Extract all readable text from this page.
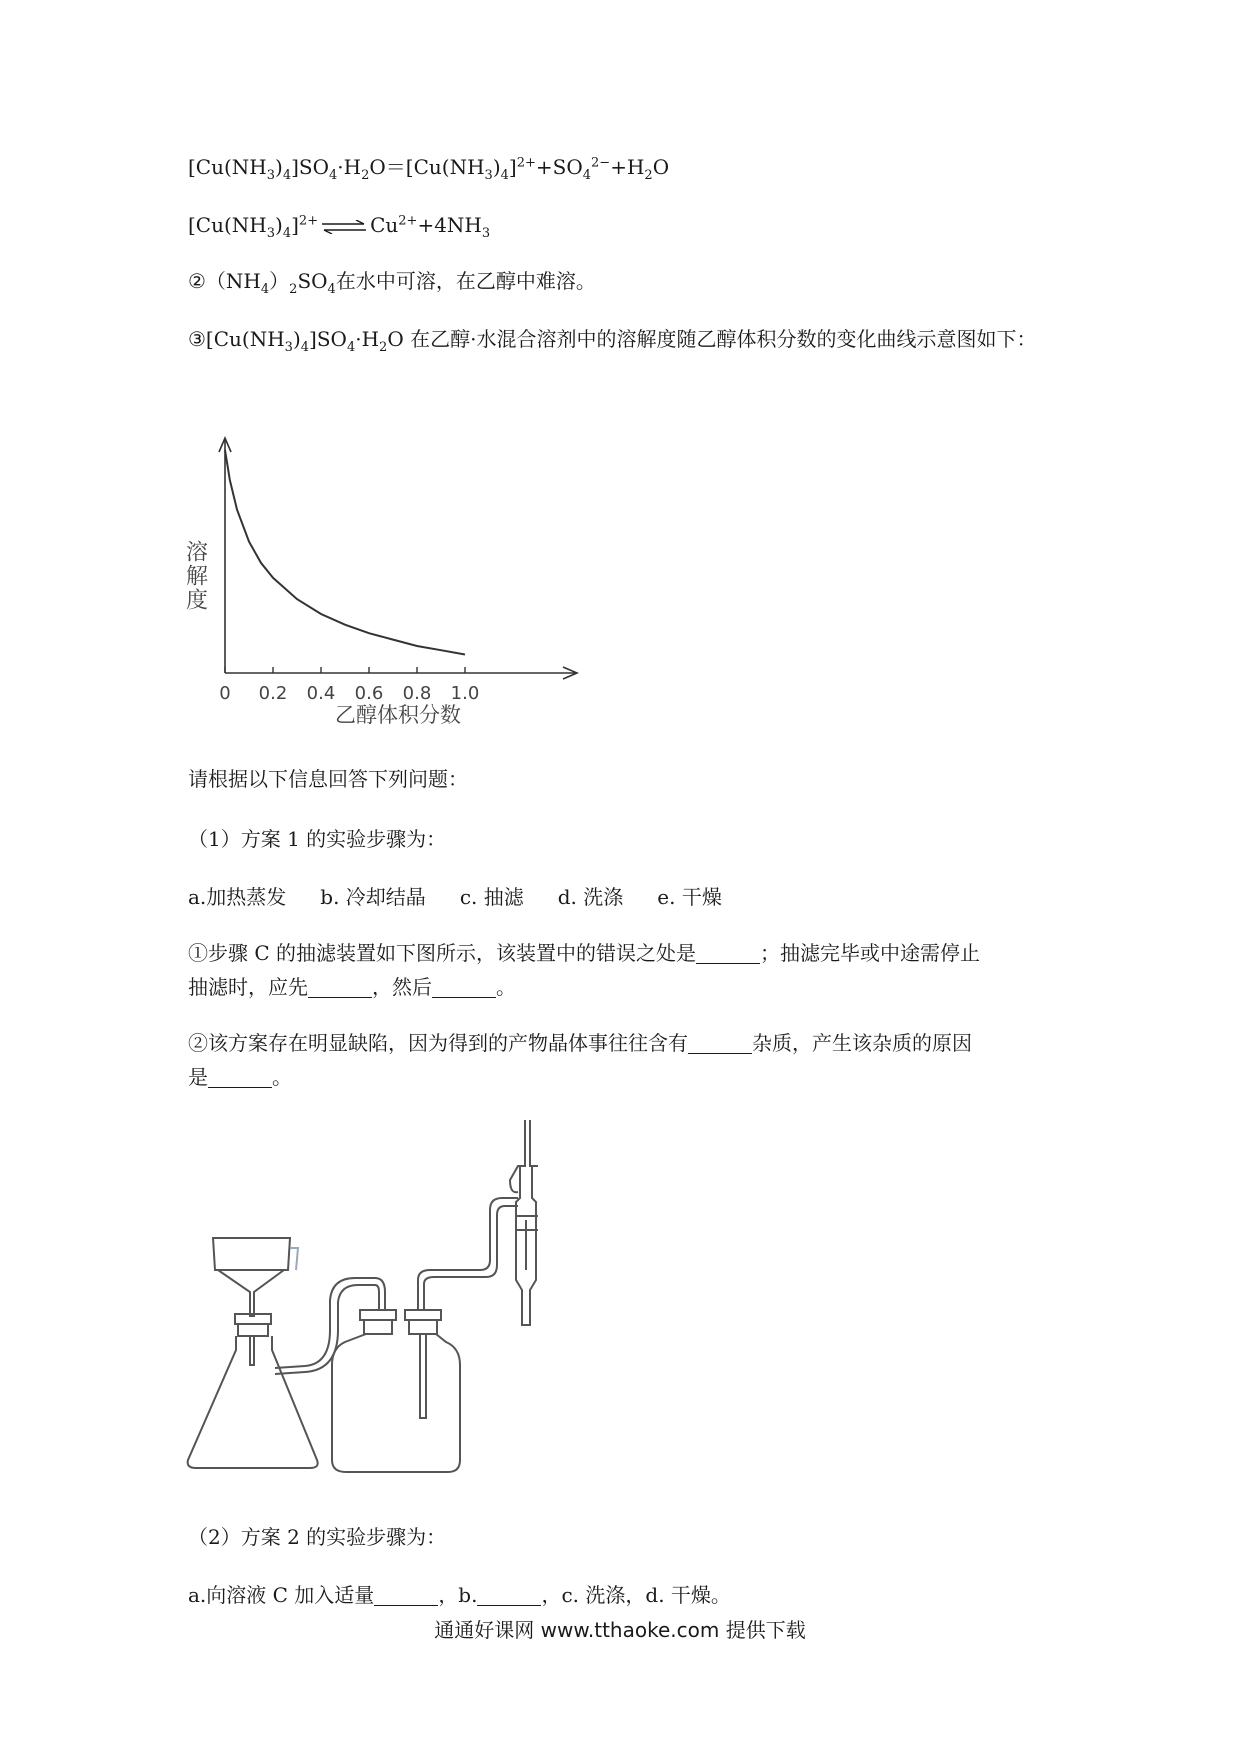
$[Cu(NH_3)_4]SO_4\cdot H_2O=[Cu(NH_3)_4]^{2+}+SO_4^{2-}+H_2O$
$[Cu(NH_3)_4]^{2+}$ ⇌ $Cu^{2+}+4NH_3$
$②(NH_4)_2SO_4$在水中可溶，在乙醇中难溶。
$③[Cu(NH_3)_4]SO_4\cdot H_2O$ 在乙醇·水混合溶剂中的溶解度随乙醇体积分数的变化曲线示意图如下：
溶解度
0 0.2 0.4 0.6 0.8 1.0
乙醇体积分数
请根据以下信息回答下列问题：
（1）方案 1 的实验步骤为：
a.加热蒸发 b. 冷却结晶 c. 抽滤 d. 洗涤 e. 干燥
①步骤 C 的抽滤装置如下图所示，该装置中的错误之处是	；抽滤完毕或中途需停止
抽滤时，应先	，然后	。
②该方案存在明显缺陷，因为得到的产物晶体事往往含有	杂质，产生该杂质的原因
是	。
（2）方案 2 的实验步骤为：
a.向溶液 C 加入适量	，b.	，c. 洗涤，d. 干燥。
通通好课网 www.tthaoke.com 提供下载
